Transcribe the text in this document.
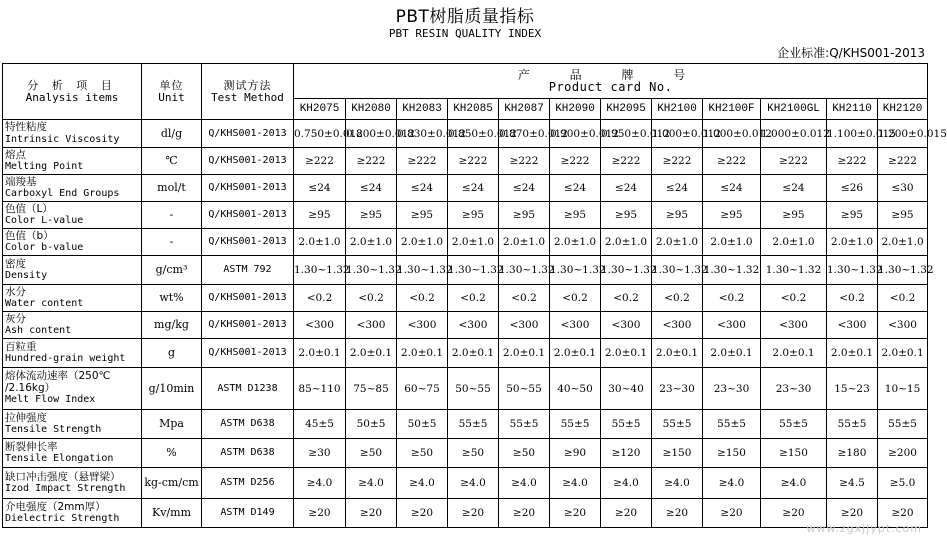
PBT树脂质量指标
PBT RESIN QUALITY INDEX
企业标准:Q/KHS001-2013
分 析 项 目
Analysis items	单位
Unit	测试方法
Test Method	产 品 牌 号
Product card No.											

			KH2075	KH2080	KH2083	KH2085	KH2087	KH2090	KH2095	KH2100	KH2100F	KH2100GL	KH2110	KH2120

特性粘度
Intrinsic Viscosity	dl/g	Q/KHS001-2013	0.750±0.012	0.800±0.012	0.830±0.012	0.850±0.012	0.870±0.012	0.900±0.012	0.950±0.012	1.000±0.012	1.000±0.012	1.000±0.012	1.100±0.015	1.200±0.015

熔点
Melting Point	℃	Q/KHS001-2013	≥222	≥222	≥222	≥222	≥222	≥222	≥222	≥222	≥222	≥222	≥222	≥222

端羧基
Carboxyl End Groups	mol/t	Q/KHS001-2013	≤24	≤24	≤24	≤24	≤24	≤24	≤24	≤24	≤24	≤24	≤26	≤30

色值（L）
Color L-value	-	Q/KHS001-2013	≥95	≥95	≥95	≥95	≥95	≥95	≥95	≥95	≥95	≥95	≥95	≥95

色值（b）
Color b-value	-	Q/KHS001-2013	2.0±1.0	2.0±1.0	2.0±1.0	2.0±1.0	2.0±1.0	2.0±1.0	2.0±1.0	2.0±1.0	2.0±1.0	2.0±1.0	2.0±1.0	2.0±1.0

密度
Density	g/cm³	ASTM 792	1.30~1.32	1.30~1.32	1.30~1.32	1.30~1.32	1.30~1.32	1.30~1.32	1.30~1.32	1.30~1.32	1.30~1.32	1.30~1.32	1.30~1.32	1.30~1.32

水分
Water content	wt%	Q/KHS001-2013	<0.2	<0.2	<0.2	<0.2	<0.2	<0.2	<0.2	<0.2	<0.2	<0.2	<0.2	<0.2

灰分
Ash content	mg/kg	Q/KHS001-2013	<300	<300	<300	<300	<300	<300	<300	<300	<300	<300	<300	<300

百粒重
Hundred-grain weight	g	Q/KHS001-2013	2.0±0.1	2.0±0.1	2.0±0.1	2.0±0.1	2.0±0.1	2.0±0.1	2.0±0.1	2.0±0.1	2.0±0.1	2.0±0.1	2.0±0.1	2.0±0.1

熔体流动速率（250℃
/2.16kg）
Melt Flow Index	g/10min	ASTM D1238	85~110	75~85	60~75	50~55	50~55	40~50	30~40	23~30	23~30	23~30	15~23	10~15

拉伸强度
Tensile Strength	Mpa	ASTM D638	45±5	50±5	50±5	55±5	55±5	55±5	55±5	55±5	55±5	55±5	55±5	55±5

断裂伸长率
Tensile Elongation	%	ASTM D638	≥30	≥50	≥50	≥50	≥50	≥90	≥120	≥150	≥150	≥150	≥180	≥200

缺口冲击强度（悬臂梁）
Izod Impact Strength	kg-cm/cm	ASTM D256	≥4.0	≥4.0	≥4.0	≥4.0	≥4.0	≥4.0	≥4.0	≥4.0	≥4.0	≥4.0	≥4.5	≥5.0

介电强度（2mm厚）
Dielectric Strength	Kv/mm	ASTM D149	≥20	≥20	≥20	≥20	≥20	≥20	≥20	≥20	≥20	≥20	≥20	≥20
www.zgxjjypt.com
